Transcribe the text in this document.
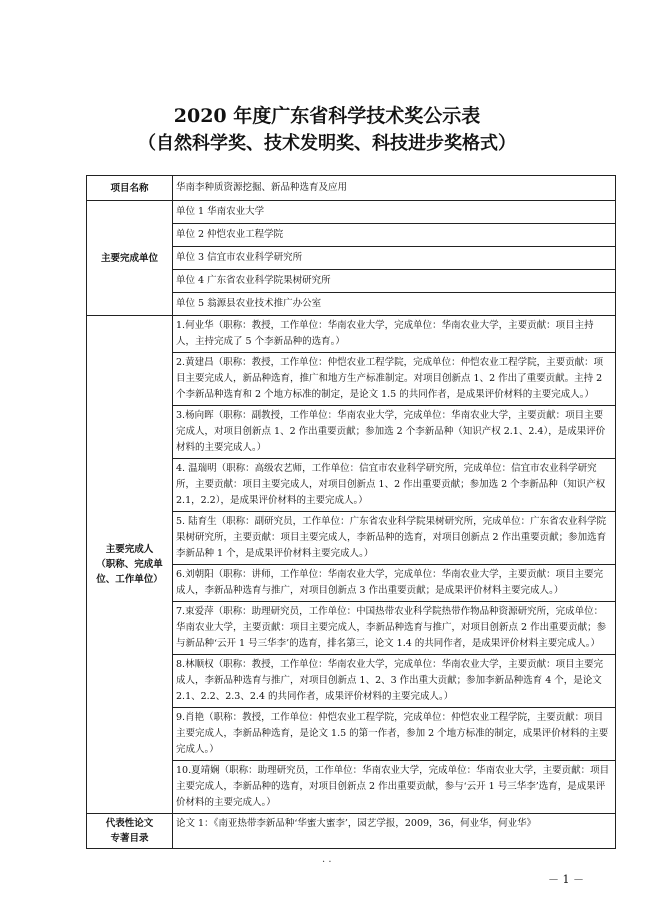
2020 年度广东省科学技术奖公示表
（自然科学奖、技术发明奖、科技进步奖格式）
项目名称	华南李种质资源挖掘、新品种选育及应用
主要完成单位	单位 1 华南农业大学
	单位 2 仲恺农业工程学院
	单位 3 信宜市农业科学研究所
	单位 4 广东省农业科学院果树研究所
	单位 5 翁源县农业技术推广办公室

主要完成人
（职称、完成单
位、工作单位）	1.何业华（职称：教授，工作单位：华南农业大学，完成单位：华南农业大学，主要贡献：项目主持人，主持完成了 5 个李新品种的选育。）
	2.黄建昌（职称：教授，工作单位：仲恺农业工程学院，完成单位：仲恺农业工程学院，主要贡献：项目主要完成人，新品种选育，推广和地方生产标准制定。对项目创新点 1、2 作出了重要贡献。主持 2 个李新品种选育和 2 个地方标准的制定，是论文 1.5 的共同作者，是成果评价材料的主要完成人。）
	3.杨向晖（职称：副教授，工作单位：华南农业大学，完成单位：华南农业大学，主要贡献：项目主要完成人，对项目创新点 1、2 作出重要贡献；参加选 2 个李新品种（知识产权 2.1、2.4），是成果评价材料的主要完成人。）
	4. 温瑞明（职称：高级农艺师，工作单位：信宜市农业科学研究所，完成单位：信宜市农业科学研究所，主要贡献：项目主要完成人，对项目创新点 1、2 作出重要贡献；参加选 2 个李新品种（知识产权 2.1，2.2），是成果评价材料的主要完成人。）
	5. 陆育生（职称：副研究员，工作单位：广东省农业科学院果树研究所，完成单位：广东省农业科学院果树研究所，主要贡献：项目主要完成人，李新品种的选育，对项目创新点 2 作出重要贡献；参加选育李新品种 1 个，是成果评价材料主要完成人。）
	6.刘朝阳（职称：讲师，工作单位：华南农业大学，完成单位：华南农业大学，主要贡献：项目主要完成人，李新品种选育与推广，对项目创新点 3 作出重要贡献；是成果评价材料主要完成人。）
	7.束爱萍（职称：助理研究员，工作单位：中国热带农业科学院热带作物品种资源研究所，完成单位：华南农业大学，主要贡献：项目主要完成人，李新品种选育与推广，对项目创新点 2 作出重要贡献；参与新品种‘云开 1 号三华李’的选育，排名第三，论文 1.4 的共同作者，是成果评价材料主要完成人。）
	8.林顺权（职称：教授，工作单位：华南农业大学，完成单位：华南农业大学，主要贡献：项目主要完成人，李新品种选育与推广，对项目创新点 1、2、3 作出重大贡献；参加李新品种选育 4 个，是论文 2.1、2.2、2.3、2.4 的共同作者，成果评价材料的主要完成人。）
	9.肖艳（职称：教授，工作单位：仲恺农业工程学院，完成单位：仲恺农业工程学院，主要贡献：项目主要完成人，李新品种选育，是论文 1.5 的第一作者，参加 2 个地方标准的制定，成果评价材料的主要完成人。）
	10.夏靖娴（职称：助理研究员，工作单位：华南农业大学，完成单位：华南农业大学，主要贡献：项目主要完成人，李新品种的选育，对项目创新点 2 作出重要贡献，参与‘云开 1 号三华李’选育，是成果评价材料的主要完成人。）

代表性论文
专著目录	论文 1：《南亚热带李新品种‘华蜜大蜜李’，园艺学报，2009，36，何业华，何业华》
· ·
－ 1 －
